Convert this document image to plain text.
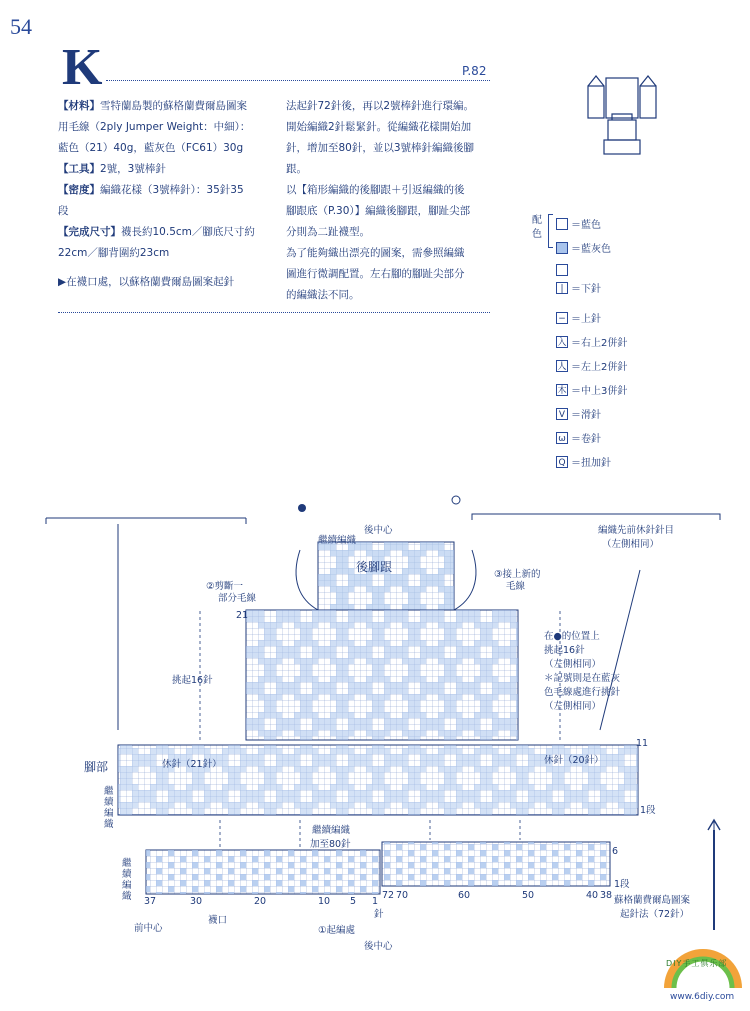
54
K	P.82

【材料】雪特蘭島製的蘇格蘭費爾島圖案

用毛線（2ply Jumper Weight：中細）：

藍色（21）40g，藍灰色（FC61）30g

【工具】2號，3號棒針

【密度】編織花樣（3號棒針）：35針35

段

【完成尺寸】襪長約10.5cm／腳底尺寸約

22cm／腳背圍約23cm

▶在襪口處，以蘇格蘭費爾島圖案起針

法起針72針後，再以2號棒針進行環編。

開始編織2針鬆緊針。從編織花樣開始加

針，增加至80針，並以3號棒針編織後腳

跟。

以【箱形編織的後腳跟＋引返編織的後

腳跟底（P.30）】編織後腳跟，腳趾尖部

分則為二趾襪型。

為了能夠織出漂亮的圖案，需參照編織

圖進行微調配置。左右腳的腳趾尖部分

的編織法不同。

配色
＝藍色
＝藍灰色
| ＝下針
− ＝上針
入 ＝右上2併針
人 ＝左上2併針
木 ＝中上3併針
V ＝滑針
ω ＝卷針
Q ＝扭加針
後中心
繼續編織
後腳跟
②剪斷一
部分毛線
③接上新的
毛線
21
挑起16針
在●的位置上
挑起16針
（左側相同）
＊記號則是在藍灰
色毛線處進行挑針
（左側相同）
編織先前休針針目
（左側相同）
腳部	休針（21針）	休針（20針）
11
1段
繼續編織
繼續編織
加至80針
6
1段
蘇格蘭費爾島圖案
起針法（72針）
前中心
襪口
①起編處
後中心
針
繼續編織 37	30	20	10 5 1
72 70	60	50	40 38
DIY手工俱乐部
www.6diy.com
